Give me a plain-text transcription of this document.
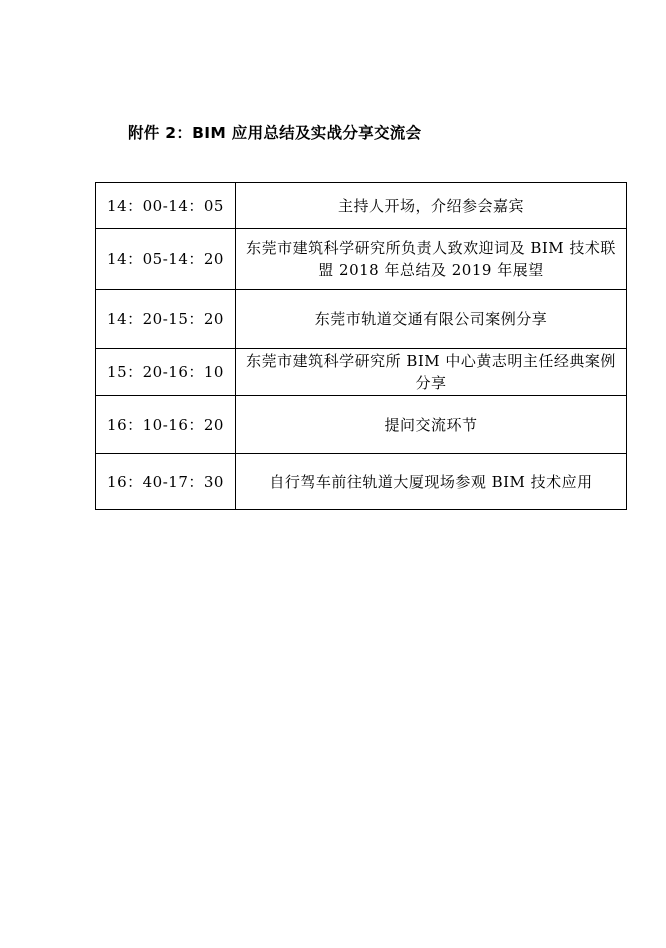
附件 2：BIM 应用总结及实战分享交流会
14：00-14：05	主持人开场，介绍参会嘉宾
14：05-14：20	东莞市建筑科学研究所负责人致欢迎词及 BIM 技术联盟 2018 年总结及 2019 年展望
14：20-15：20	东莞市轨道交通有限公司案例分享
15：20-16：10	东莞市建筑科学研究所 BIM 中心黄志明主任经典案例分享
16：10-16：20	提问交流环节
16：40-17：30	自行驾车前往轨道大厦现场参观 BIM 技术应用
